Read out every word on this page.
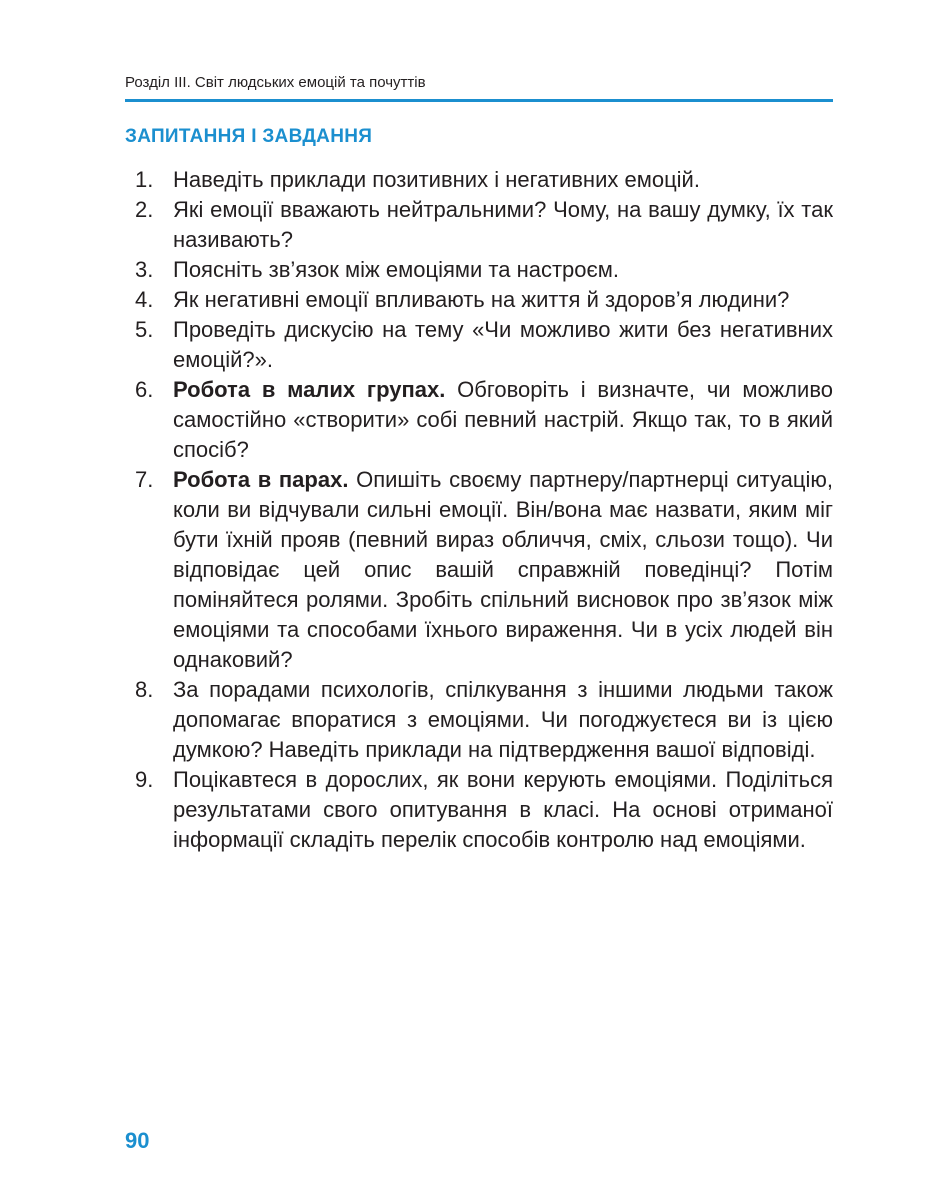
Розділ ІІІ. Світ людських емоцій та почуттів
ЗАПИТАННЯ І ЗАВДАННЯ
1. Наведіть приклади позитивних і негативних емоцій.
2. Які емоції вважають нейтральними? Чому, на вашу думку, їх так називають?
3. Поясніть зв’язок між емоціями та настроєм.
4. Як негативні емоції впливають на життя й здоров’я людини?
5. Проведіть дискусію на тему «Чи можливо жити без негативних емоцій?».
6. Робота в малих групах. Обговоріть і визначте, чи можливо самостійно «створити» собі певний настрій. Якщо так, то в який спосіб?
7. Робота в парах. Опишіть своєму партнеру/партнерці ситуацію, коли ви відчували сильні емоції. Він/вона має назвати, яким міг бути їхній прояв (певний вираз обличчя, сміх, сльози тощо). Чи відповідає цей опис вашій справжній поведінці? Потім поміняйтеся ролями. Зробіть спільний висновок про зв’язок між емоціями та способами їхнього вираження. Чи в усіх людей він однаковий?
8. За порадами психологів, спілкування з іншими людьми також допомагає впоратися з емоціями. Чи погоджуєтеся ви із цією думкою? Наведіть приклади на підтвердження вашої відповіді.
9. Поцікавтеся в дорослих, як вони керують емоціями. Поділіться результатами свого опитування в класі. На основі отриманої інформації складіть перелік способів контролю над емоціями.
90
